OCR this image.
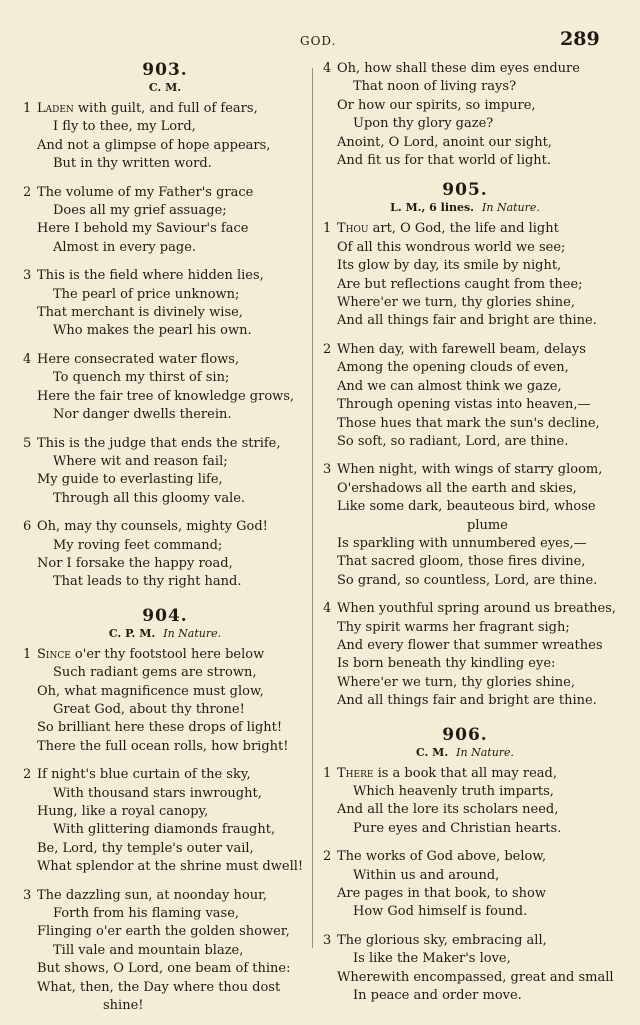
GOD.	289

903.

C. M.

1 Laden with guilt, and full of fears,

I fly to thee, my Lord,

And not a glimpse of hope appears,

But in thy written word.

2 The volume of my Father's grace

Does all my grief assuage;

Here I behold my Saviour's face

Almost in every page.

3 This is the field where hidden lies,

The pearl of price unknown;

That merchant is divinely wise,

Who makes the pearl his own.

4 Here consecrated water flows,

To quench my thirst of sin;

Here the fair tree of knowledge grows,

Nor danger dwells therein.

5 This is the judge that ends the strife,

Where wit and reason fail;

My guide to everlasting life,

Through all this gloomy vale.

6 Oh, may thy counsels, mighty God!

My roving feet command;

Nor I forsake the happy road,

That leads to thy right hand.

904.

C. P. M. In Nature.

1 Since o'er thy footstool here below

Such radiant gems are strown,

Oh, what magnificence must glow,

Great God, about thy throne!

So brilliant here these drops of light!

There the full ocean rolls, how bright!

2 If night's blue curtain of the sky,

With thousand stars inwrought,

Hung, like a royal canopy,

With glittering diamonds fraught,

Be, Lord, thy temple's outer vail,

What splendor at the shrine must dwell!

3 The dazzling sun, at noonday hour,

Forth from his flaming vase,

Flinging o'er earth the golden shower,

Till vale and mountain blaze,

But shows, O Lord, one beam of thine:

What, then, the Day where thou dost

shine!

4 Oh, how shall these dim eyes endure

That noon of living rays?

Or how our spirits, so impure,

Upon thy glory gaze?

Anoint, O Lord, anoint our sight,

And fit us for that world of light.

905.

L. M., 6 lines. In Nature.

1 Thou art, O God, the life and light

Of all this wondrous world we see;

Its glow by day, its smile by night,

Are but reflections caught from thee;

Where'er we turn, thy glories shine,

And all things fair and bright are thine.

2 When day, with farewell beam, delays

Among the opening clouds of even,

And we can almost think we gaze,

Through opening vistas into heaven,—

Those hues that mark the sun's decline,

So soft, so radiant, Lord, are thine.

3 When night, with wings of starry gloom,

O'ershadows all the earth and skies,

Like some dark, beauteous bird, whose

plume

Is sparkling with unnumbered eyes,—

That sacred gloom, those fires divine,

So grand, so countless, Lord, are thine.

4 When youthful spring around us breathes,

Thy spirit warms her fragrant sigh;

And every flower that summer wreathes

Is born beneath thy kindling eye:

Where'er we turn, thy glories shine,

And all things fair and bright are thine.

906.

C. M. In Nature.

1 There is a book that all may read,

Which heavenly truth imparts,

And all the lore its scholars need,

Pure eyes and Christian hearts.

2 The works of God above, below,

Within us and around,

Are pages in that book, to show

How God himself is found.

3 The glorious sky, embracing all,

Is like the Maker's love,

Wherewith encompassed, great and small

In peace and order move.
